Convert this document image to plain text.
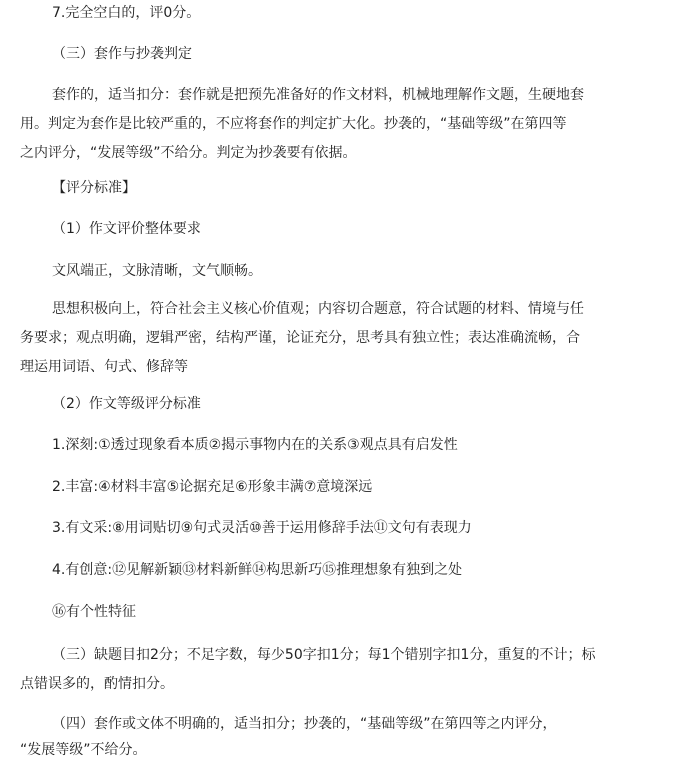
7.完全空白的，评0分。
（三）套作与抄袭判定
套作的，适当扣分：套作就是把预先准备好的作文材料，机械地理解作文题，生硬地套
用。判定为套作是比较严重的，不应将套作的判定扩大化。抄袭的，“基础等级”在第四等
之内评分，“发展等级”不给分。判定为抄袭要有依据。
【评分标准】
（1）作文评价整体要求
文风端正，文脉清晰，文气顺畅。
思想积极向上，符合社会主义核心价值观；内容切合题意，符合试题的材料、情境与任
务要求；观点明确，逻辑严密，结构严谨，论证充分，思考具有独立性；表达准确流畅，合
理运用词语、句式、修辞等
（2）作文等级评分标准
1.深刻:①透过现象看本质②揭示事物内在的关系③观点具有启发性
2.丰富:④材料丰富⑤论据充足⑥形象丰满⑦意境深远
3.有文采:⑧用词贴切⑨句式灵活⑩善于运用修辞手法⑪文句有表现力
4.有创意:⑫见解新颖⑬材料新鲜⑭构思新巧⑮推理想象有独到之处
⑯有个性特征
（三）缺题目扣2分；不足字数，每少50字扣1分；每1个错别字扣1分，重复的不计；标
点错误多的，酌情扣分。
（四）套作或文体不明确的，适当扣分；抄袭的，“基础等级”在第四等之内评分，
“发展等级”不给分。
